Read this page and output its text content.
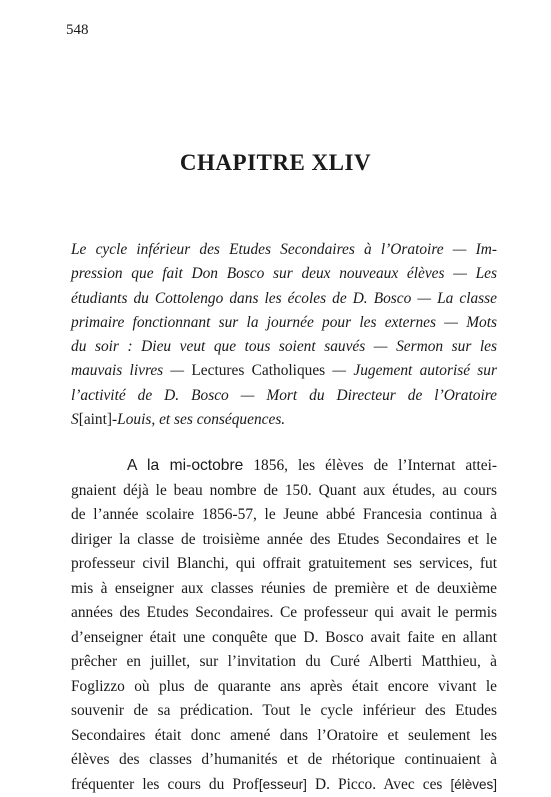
548
CHAPITRE XLIV
Le cycle inférieur des Etudes Secondaires à l’Oratoire — Im-
pression que fait Don Bosco sur deux nouveaux élèves — Les
étudiants du Cottolengo dans les écoles de D. Bosco — La classe
primaire fonctionnant sur la journée pour les externes — Mots
du soir : Dieu veut que tous soient sauvés — Sermon sur les
mauvais livres — Lectures Catholiques — Jugement autorisé sur
l’activité de D. Bosco — Mort du Directeur de l’Oratoire
S[aint]-Louis, et ses conséquences.
A la mi-octobre 1856, les élèves de l’Internat attei-
gnaient déjà le beau nombre de 150. Quant aux études, au cours
de l’année scolaire 1856-57, le Jeune abbé Francesia continua à
diriger la classe de troisième année des Etudes Secondaires et le
professeur civil Blanchi, qui offrait gratuitement ses services, fut
mis à enseigner aux classes réunies de première et de deuxième
années des Etudes Secondaires. Ce professeur qui avait le permis
d’enseigner était une conquête que D. Bosco avait faite en allant
prêcher en juillet, sur l’invitation du Curé Alberti Matthieu, à
Foglizzo où plus de quarante ans après était encore vivant le
souvenir de sa prédication. Tout le cycle inférieur des Etudes
Secondaires était donc amené dans l’Oratoire et seulement les
élèves des classes d’humanités et de rhétorique continuaient à
fréquenter les cours du Prof[esseur] D. Picco. Avec ces [élèves]
